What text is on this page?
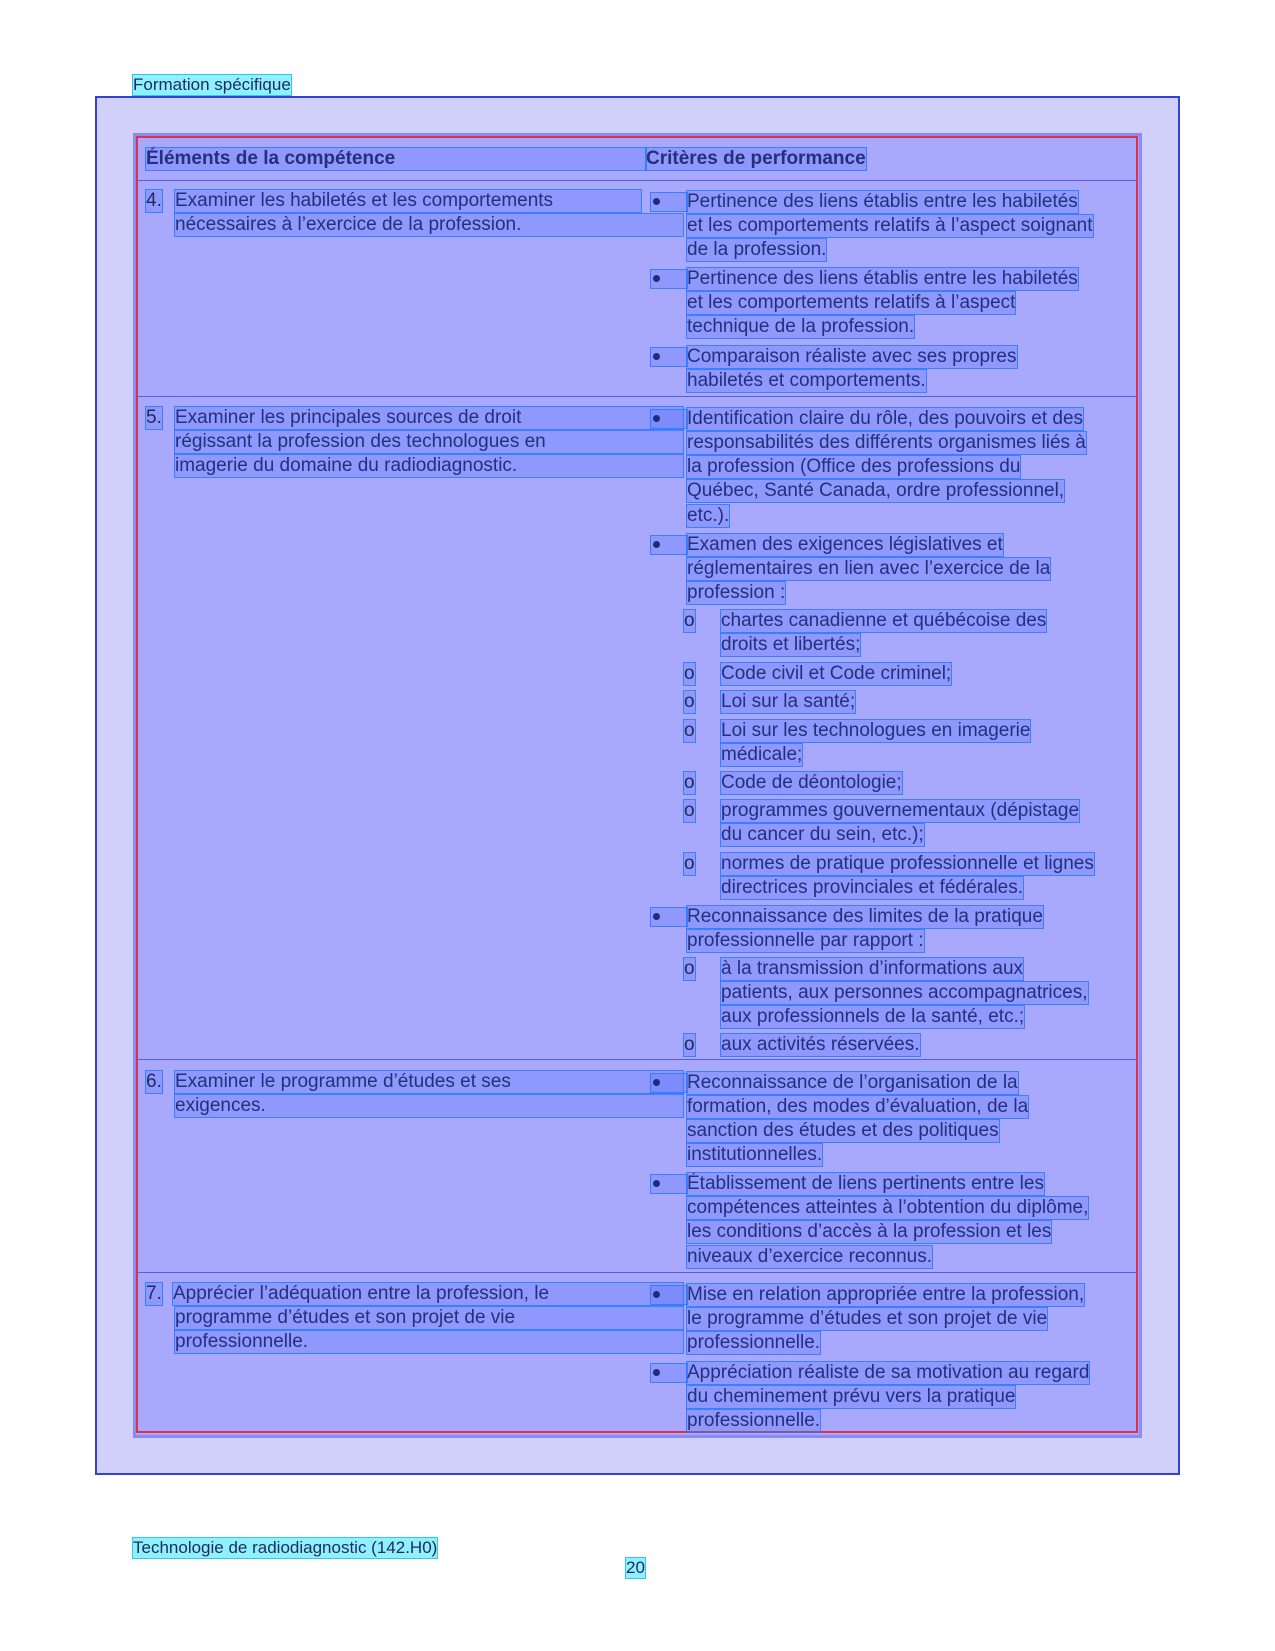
Formation spécifique
Éléments de la compétence	Critères de performance
4. Examiner les habiletés et les comportements
nécessaires à l’exercice de la profession.
Pertinence des liens établis entre les habiletés
et les comportements relatifs à l’aspect soignant
de la profession.
Pertinence des liens établis entre les habiletés
et les comportements relatifs à l’aspect
technique de la profession.
Comparaison réaliste avec ses propres
habiletés et comportements.
5. Examiner les principales sources de droit
régissant la profession des technologues en
imagerie du domaine du radiodiagnostic.
Identification claire du rôle, des pouvoirs et des
responsabilités des différents organismes liés à
la profession (Office des professions du
Québec, Santé Canada, ordre professionnel,
etc.).
Examen des exigences législatives et
réglementaires en lien avec l’exercice de la
profession :
o chartes canadienne et québécoise des
droits et libertés;
o Code civil et Code criminel;
o Loi sur la santé;
o Loi sur les technologues en imagerie
médicale;
o Code de déontologie;
o programmes gouvernementaux (dépistage
du cancer du sein, etc.);
o normes de pratique professionnelle et lignes
directrices provinciales et fédérales.
Reconnaissance des limites de la pratique
professionnelle par rapport :
o à la transmission d’informations aux
patients, aux personnes accompagnatrices,
aux professionnels de la santé, etc.;
o aux activités réservées.
6. Examiner le programme d’études et ses
exigences.
Reconnaissance de l’organisation de la
formation, des modes d’évaluation, de la
sanction des études et des politiques
institutionnelles.
Établissement de liens pertinents entre les
compétences atteintes à l’obtention du diplôme,
les conditions d’accès à la profession et les
niveaux d’exercice reconnus.
7. Apprécier l’adéquation entre la profession, le
programme d’études et son projet de vie
professionnelle.
Mise en relation appropriée entre la profession,
le programme d’études et son projet de vie
professionnelle.
Appréciation réaliste de sa motivation au regard
du cheminement prévu vers la pratique
professionnelle.
Technologie de radiodiagnostic (142.H0)
20
